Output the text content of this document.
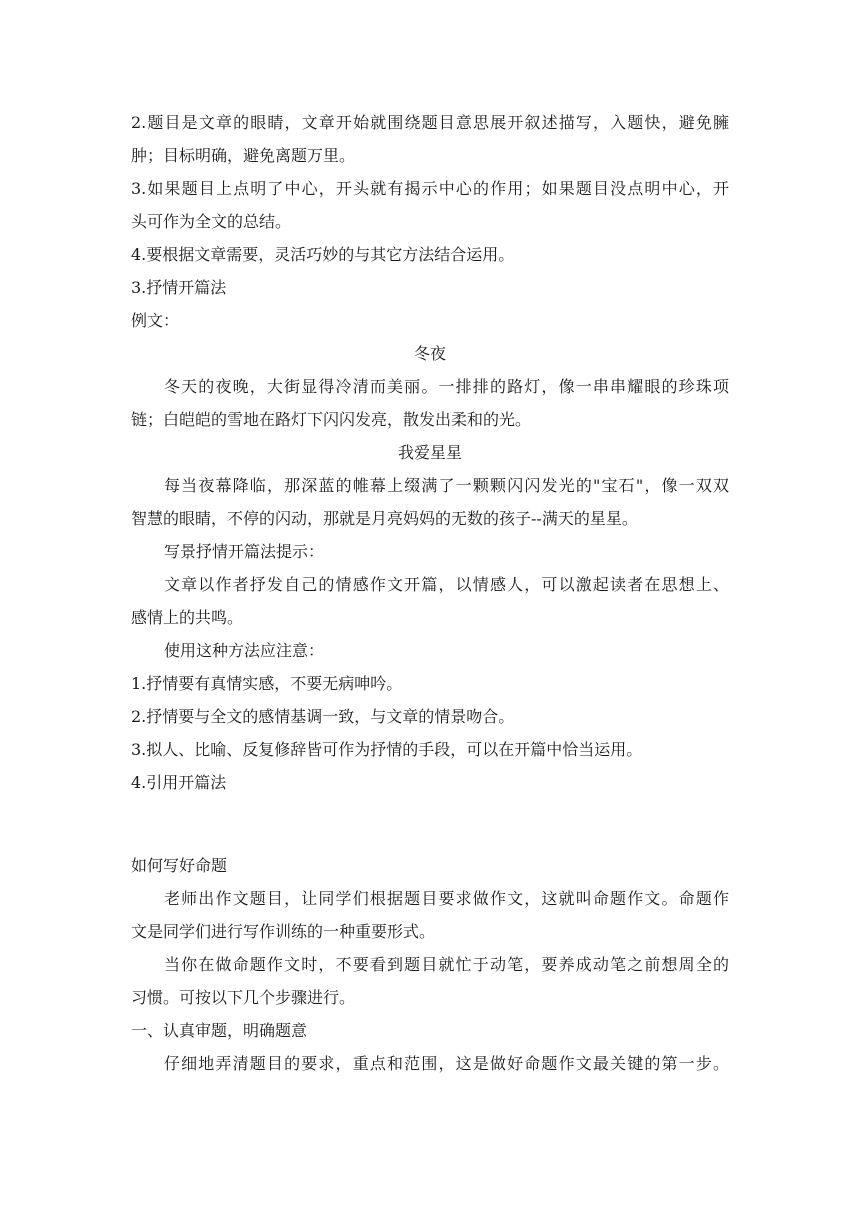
2.题目是文章的眼睛，文章开始就围绕题目意思展开叙述描写，入题快，避免臃
肿；目标明确，避免离题万里。
3.如果题目上点明了中心，开头就有揭示中心的作用；如果题目没点明中心，开
头可作为全文的总结。
4.要根据文章需要，灵活巧妙的与其它方法结合运用。
3.抒情开篇法
例文：
冬夜
冬天的夜晚，大街显得冷清而美丽。一排排的路灯，像一串串耀眼的珍珠项
链；白皑皑的雪地在路灯下闪闪发亮，散发出柔和的光。
我爱星星
每当夜幕降临，那深蓝的帷幕上缀满了一颗颗闪闪发光的"宝石"，像一双双
智慧的眼睛，不停的闪动，那就是月亮妈妈的无数的孩子--满天的星星。
写景抒情开篇法提示：
文章以作者抒发自己的情感作文开篇，以情感人，可以激起读者在思想上、
感情上的共鸣。
使用这种方法应注意：
1.抒情要有真情实感，不要无病呻吟。
2.抒情要与全文的感情基调一致，与文章的情景吻合。
3.拟人、比喻、反复修辞皆可作为抒情的手段，可以在开篇中恰当运用。
4.引用开篇法
如何写好命题
老师出作文题目，让同学们根据题目要求做作文，这就叫命题作文。命题作
文是同学们进行写作训练的一种重要形式。
当你在做命题作文时，不要看到题目就忙于动笔，要养成动笔之前想周全的
习惯。可按以下几个步骤进行。
一、认真审题，明确题意
仔细地弄清题目的要求，重点和范围，这是做好命题作文最关键的第一步。
